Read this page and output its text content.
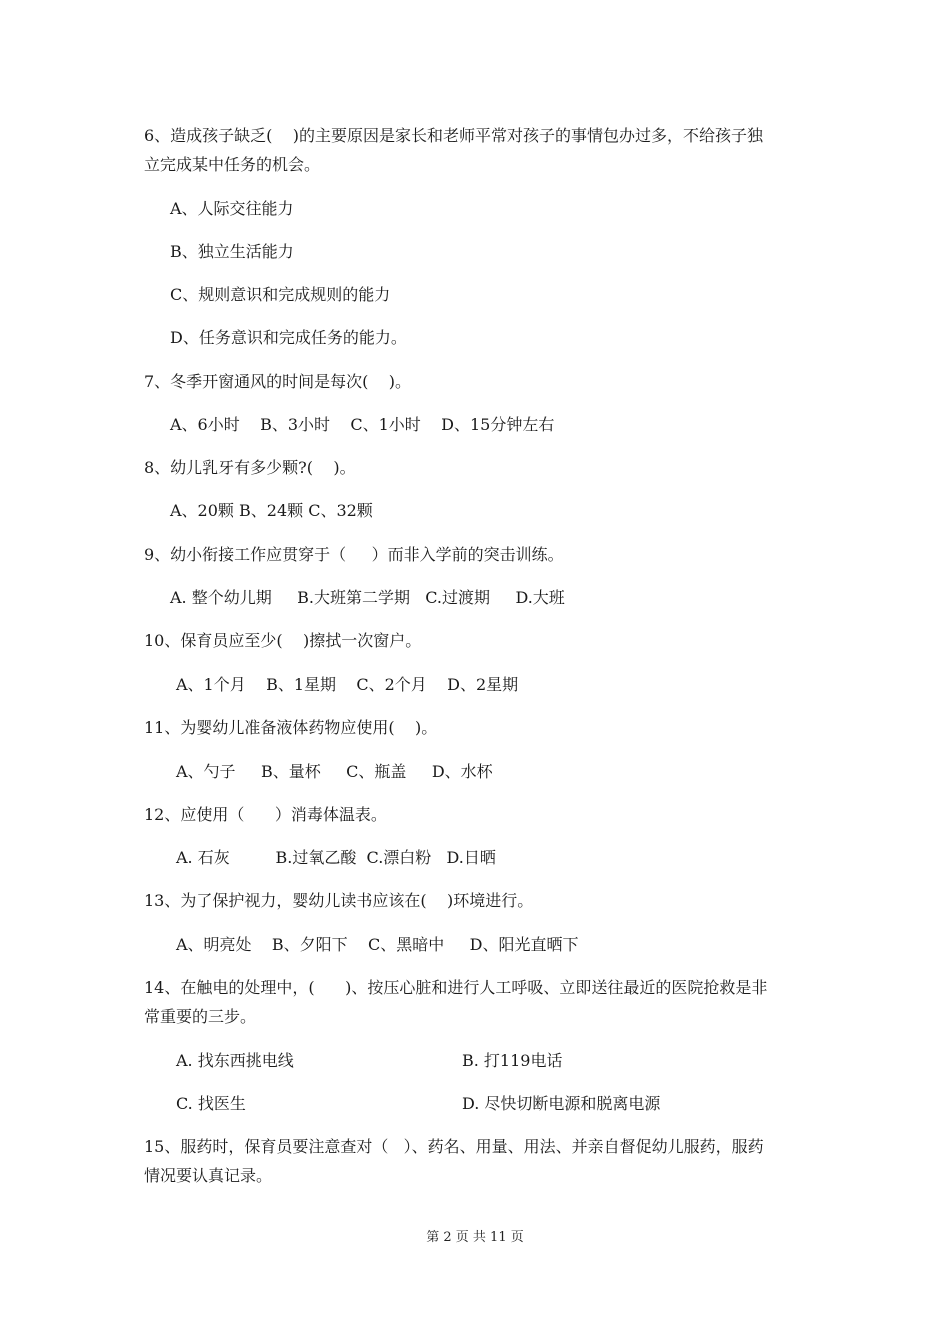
6、造成孩子缺乏(    )的主要原因是家长和老师平常对孩子的事情包办过多，不给孩子独
立完成某中任务的机会。
A、人际交往能力
B、独立生活能力
C、规则意识和完成规则的能力
D、任务意识和完成任务的能力。
7、冬季开窗通风的时间是每次(    )。
A、6小时    B、3小时    C、1小时    D、15分钟左右
8、幼儿乳牙有多少颗?(    )。
A、20颗 B、24颗 C、32颗
9、幼小衔接工作应贯穿于（     ）而非入学前的突击训练。
A. 整个幼儿期     B.大班第二学期   C.过渡期     D.大班
10、保育员应至少(    )擦拭一次窗户。
A、1个月    B、1星期    C、2个月    D、2星期
11、为婴幼儿准备液体药物应使用(    )。
A、勺子     B、量杯     C、瓶盖     D、水杯
12、应使用（      ）消毒体温表。
A. 石灰         B.过氧乙酸  C.漂白粉   D.日晒
13、为了保护视力，婴幼儿读书应该在(    )环境进行。
A、明亮处    B、夕阳下    C、黑暗中     D、阳光直晒下
14、在触电的处理中，(      )、按压心脏和进行人工呼吸、立即送往最近的医院抢救是非
常重要的三步。
A. 找东西挑电线	B. 打119电话
C. 找医生	D. 尽快切断电源和脱离电源
15、服药时，保育员要注意查对（   ）、药名、用量、用法、并亲自督促幼儿服药，服药
情况要认真记录。
第 2 页 共 11 页
